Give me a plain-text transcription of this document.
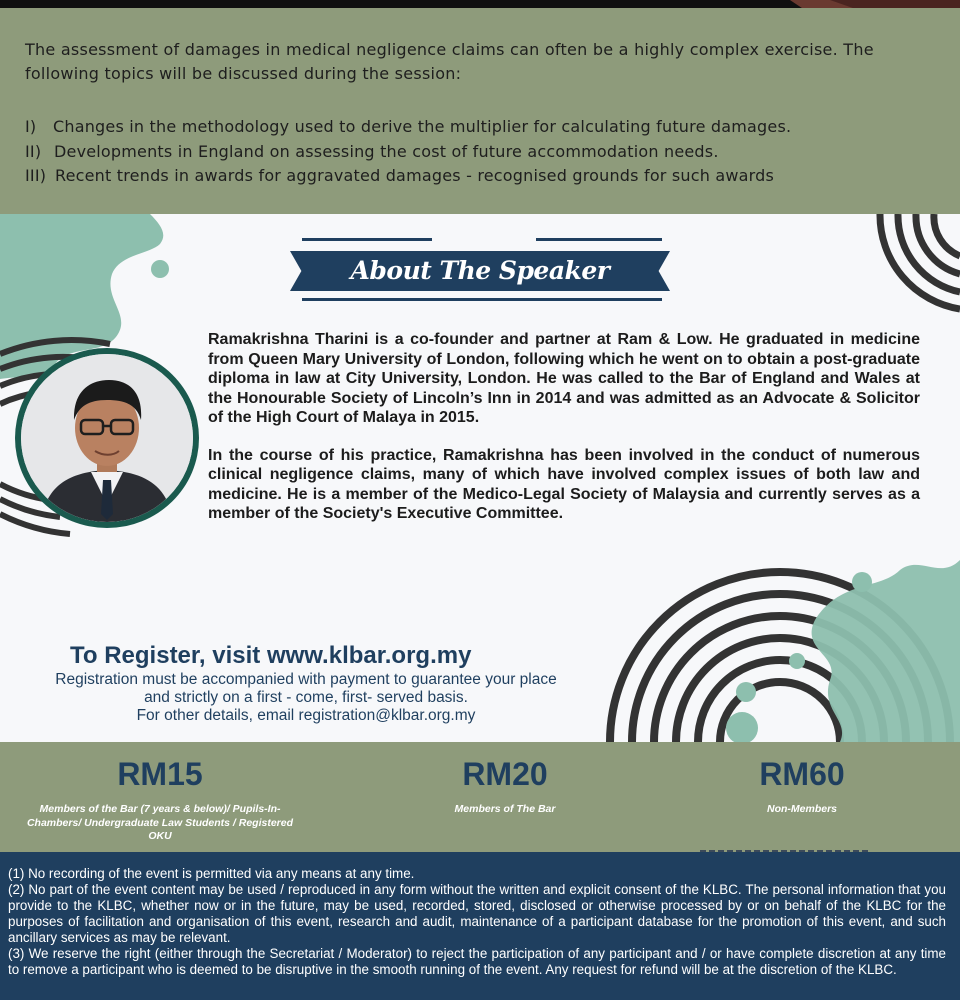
The assessment of damages in medical negligence claims can often be a highly complex exercise. The following topics will be discussed during the session:

I) Changes in the methodology used to derive the multiplier for calculating future damages.
II) Developments in England on assessing the cost of future accommodation needs.
III) Recent trends in awards for aggravated damages - recognised grounds for such awards
About The Speaker

Ramakrishna Tharini is a co-founder and partner at Ram & Low. He graduated in medicine from Queen Mary University of London, following which he went on to obtain a post-graduate diploma in law at City University, London. He was called to the Bar of England and Wales at the Honourable Society of Lincoln’s Inn in 2014 and was admitted as an Advocate & Solicitor of the High Court of Malaya in 2015.

In the course of his practice, Ramakrishna has been involved in the conduct of numerous clinical negligence claims, many of which have involved complex issues of both law and medicine. He is a member of the Medico-Legal Society of Malaysia and currently serves as a member of the Society's Executive Committee.

To Register, visit www.klbar.org.my
Registration must be accompanied with payment to guarantee your place
and strictly on a first - come, first- served basis.
For other details, email registration@klbar.org.my
RM15
Members of the Bar (7 years & below)/ Pupils-In-Chambers/ Undergraduate Law Students / Registered OKU
RM20
Members of The Bar
RM60
Non-Members
(1) No recording of the event is permitted via any means at any time.
(2) No part of the event content may be used / reproduced in any form without the written and explicit consent of the KLBC. The personal information that you provide to the KLBC, whether now or in the future, may be used, recorded, stored, disclosed or otherwise processed by or on behalf of the KLBC for the purposes of facilitation and organisation of this event, research and audit, maintenance of a participant database for the promotion of this event, and such ancillary services as may be relevant.
(3) We reserve the right (either through the Secretariat / Moderator) to reject the participation of any participant and / or have complete discretion at any time to remove a participant who is deemed to be disruptive in the smooth running of the event. Any request for refund will be at the discretion of the KLBC.
